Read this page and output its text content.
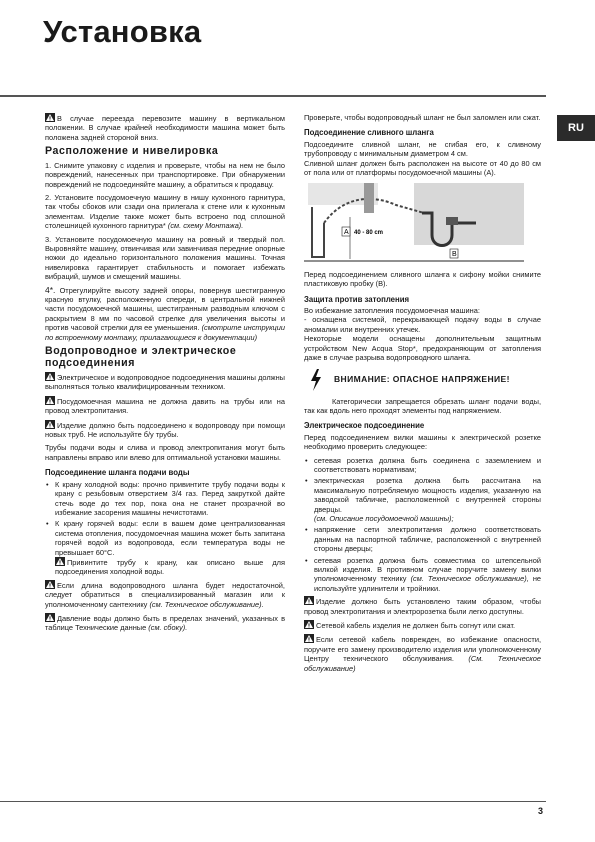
Установка
RU

В случае переезда перевозите машину в вертикальном положении. В случае крайней необходимости машина может быть положена задней стороной вниз.

Расположение и нивелировка

1. Снимите упаковку с изделия и проверьте, чтобы на нем не было повреждений, нанесенных при транспортировке. При обнаружении повреждений не подсоединяйте машину, а обратиться к продавцу.

2. Установите посудомоечную машину в нишу кухонного гарнитура, так чтобы сбоков или сзади она прилегала к стене или к кухонным элементам. Изделие также может быть встроено под сплошной столешницей кухонного гарнитура* (см. схему Монтажа).

3. Установите посудомоечную машину на ровный и твердый пол. Выровняйте машину, отвинчивая или завинчивая передние опорные ножки до идеально горизонтального положения машины. Точная нивелировка гарантирует стабильность и помогает избежать вибраций, шумов и смещений машины.

4*. Отрегулируйте высоту задней опоры, повернув шестигранную красную втулку, расположенную спереди, в центральной нижней части посудомоечной машины, шестигранным разводным ключом с раскрытием 8 мм по часовой стрелке для увеличения высоты и против часовой стрелки для ее уменьшения. (смотрите инструкции по встроенному монтажу, прилагающиеся к документации)

Водопроводное и электрическое подсоединения

Электрическое и водопроводное подсоединения машины должны выполняться только квалифицированным техником.

Посудомоечная машина не должна давить на трубы или на провод электропитания.

Изделие должно быть подсоединено к водопроводу при помощи новых труб. Не используйте б/у трубы.

Трубы подачи воды и слива и провод электропитания могут быть направлены вправо или влево для оптимальной установки машины.

Подсоединение шланга подачи воды
• К крану холодной воды: прочно привинтите трубу подачи воды к крану с резьбовым отверстием 3/4 газ. Перед закруткой дайте стечь воде до тех пор, пока она не станет прозрачной во избежание засорения машины нечистотами.
• К крану горячей воды: если в вашем доме централизованная система отопления, посудомоечная машина может быть запитана горячей водой из водопровода, если температура воды не превышает 60°С.

Привинтите трубу к крану, как описано выше для подсоединения холодной воды.

Если длина водопроводного шланга будет недостаточной, следует обратиться в специализированный магазин или к уполномоченному сантехнику (см. Техническое обслуживание).

Давление воды должно быть в пределах значений, указанных в таблице Технические данные (см. сбоку).

Проверьте, чтобы водопроводный шланг не был заломлен или сжат.

Подсоединение сливного шланга

Подсоедините сливной шланг, не сгибая его, к сливному трубопроводу с минимальным диаметром 4 см.

Сливной шланг должен быть расположен на высоте от 40 до 80 см от пола или от платформы посудомоечной машины (А).

A 40 - 80 cm
B

Перед подсоединением сливного шланга к сифону мойки снимите пластиковую пробку (В).

Защита против затопления

Во избежание затопления посудомоечная машина:

- оснащена системой, перекрывающей подачу воды в случае аномалии или внутренних утечек.

Некоторые модели оснащены дополнительным защитным устройством New Acqua Stop*, предохраняющим от затопления даже в случае разрыва водопроводного шланга.

ВНИМАНИЕ: ОПАСНОЕ НАПРЯЖЕНИЕ!

Категорически запрещается обрезать шланг подачи воды, так как вдоль него проходят элементы под напряжением.

Электрическое подсоединение

Перед подсоединением вилки машины к электрической розетке необходимо проверить следующее:

• сетевая розетка должна быть соединена с заземлением и соответствовать нормативам;
• электрическая розетка должна быть рассчитана на максимальную потребляемую мощность изделия, указанную на заводской табличке, расположенной с внутренней стороны дверцы.
(см. Описание посудомоечной машины);
• напряжение сети электропитания должно соответствовать данным на паспортной табличке, расположенной с внутренней стороны дверцы;
• сетевая розетка должна быть совместима со штепсельной вилкой изделия. В противном случае поручите замену вилки уполномоченному технику (см. Техническое обслуживание), не используйте удлинители и тройники.

Изделие должно быть установлено таким образом, чтобы провод электропитания и электророзетка были легко доступны.

Сетевой кабель изделия не должен быть согнут или сжат.

Если сетевой кабель поврежден, во избежание опасности, поручите его замену производителю изделия или уполномоченному Центру технического обслуживания. (См. Техническое обслуживание)

3
